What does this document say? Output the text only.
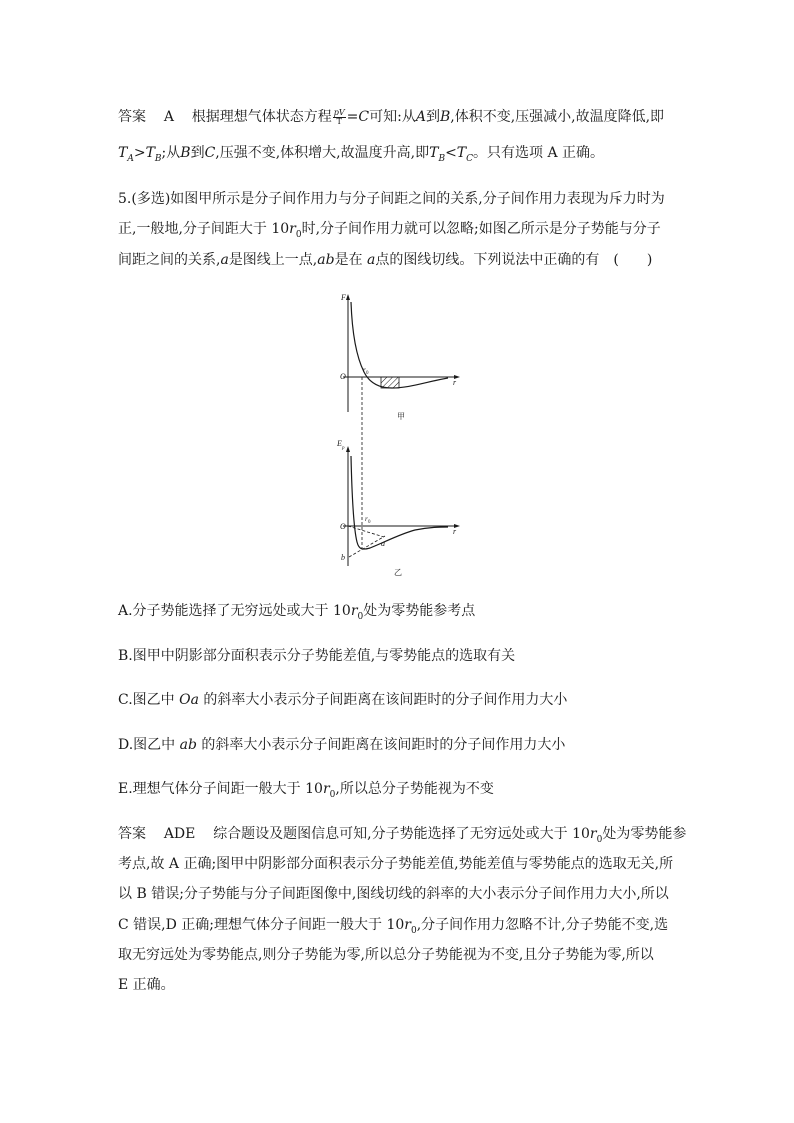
答案 A 根据理想气体状态方程 $\frac{pV}{T} =C$可知:从A到B,体积不变,压强减小,故温度降低,即
$T_A>T_B$;从B到C,压强不变,体积增大,故温度升高,即$T_B<T_C$。只有选项 A 正确。
5.(多选)如图甲所示是分子间作用力与分子间距之间的关系,分子间作用力表现为斥力时为
正,一般地,分子间距大于 $10r_0$时,分子间作用力就可以忽略;如图乙所示是分子势能与分子
间距之间的关系,a是图线上一点,ab是在 a点的图线切线。下列说法中正确的有　(　　)
F
O
r 0
r
甲
E
p
O
r 0
r
a
b
乙
A.分子势能选择了无穷远处或大于 $10r_0$处为零势能参考点
B.图甲中阴影部分面积表示分子势能差值,与零势能点的选取有关
C.图乙中 Oa 的斜率大小表示分子间距离在该间距时的分子间作用力大小
D.图乙中 ab 的斜率大小表示分子间距离在该间距时的分子间作用力大小
E.理想气体分子间距一般大于 $10r_0$,所以总分子势能视为不变
答案 ADE 综合题设及题图信息可知,分子势能选择了无穷远处或大于 $10r_0$处为零势能参
考点,故 A 正确;图甲中阴影部分面积表示分子势能差值,势能差值与零势能点的选取无关,所
以 B 错误;分子势能与分子间距图像中,图线切线的斜率的大小表示分子间作用力大小,所以
C 错误,D 正确;理想气体分子间距一般大于 $10r_0$,分子间作用力忽略不计,分子势能不变,选
取无穷远处为零势能点,则分子势能为零,所以总分子势能视为不变,且分子势能为零,所以
E 正确。
